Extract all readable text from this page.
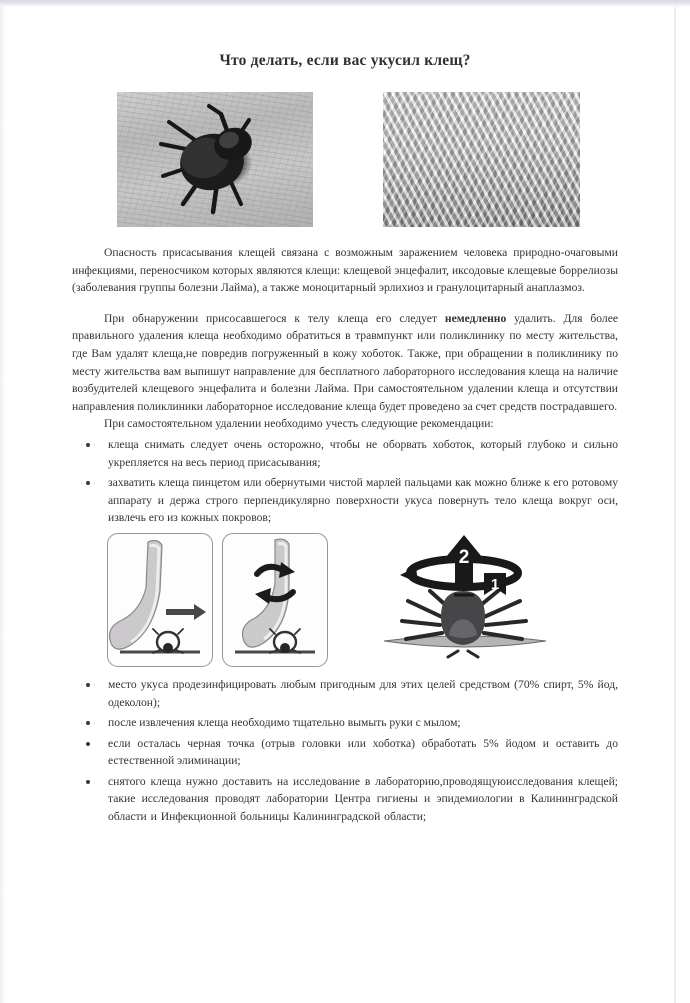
Что делать, если вас укусил клещ?

Опасность присасывания клещей связана с возможным заражением человека природно-очаговыми инфекциями, переносчиком которых являются клещи: клещевой энцефалит, иксодовые клещевые боррелиозы (заболевания группы болезни Лайма), а также моноцитарный эрлихиоз и гранулоцитарный анаплазмоз.

При обнаружении присосавшегося к телу клеща его следует немедленно удалить. Для более правильного удаления клеща необходимо обратиться в травмпункт или поликлинику по месту жительства, где Вам удалят клеща,не повредив погруженный в кожу хоботок. Также, при обращении в поликлинику по месту жительства вам выпишут направление для бесплатного лабораторного исследования клеща на наличие возбудителей клещевого энцефалита и болезни Лайма. При самостоятельном удалении клеща и отсутствии направления поликлиники лабораторное исследование клеща будет проведено за счет средств пострадавшего.

При самостоятельном удалении необходимо учесть следующие рекомендации:

клеща снимать следует очень осторожно, чтобы не оборвать хоботок, который глубоко и сильно укрепляется на весь период присасывания;
захватить клеща пинцетом или обернутыми чистой марлей пальцами как можно ближе к его ротовому аппарату и держа строго перпендикулярно поверхности укуса повернуть тело клеща вокруг оси, извлечь его из кожных покровов;
2
1
место укуса продезинфицировать любым пригодным для этих целей средством (70% спирт, 5% йод, одеколон);
после извлечения клеща необходимо тщательно вымыть руки с мылом;
если осталась черная точка (отрыв головки или хоботка) обработать 5% йодом и оставить до естественной элиминации;
снятого клеща нужно доставить на исследование в лабораторию,проводящуюисследования клещей; такие исследования проводят лаборатории Центра гигиены и эпидемиологии в Калининградской области и Инфекционной больницы Калининградской области;
